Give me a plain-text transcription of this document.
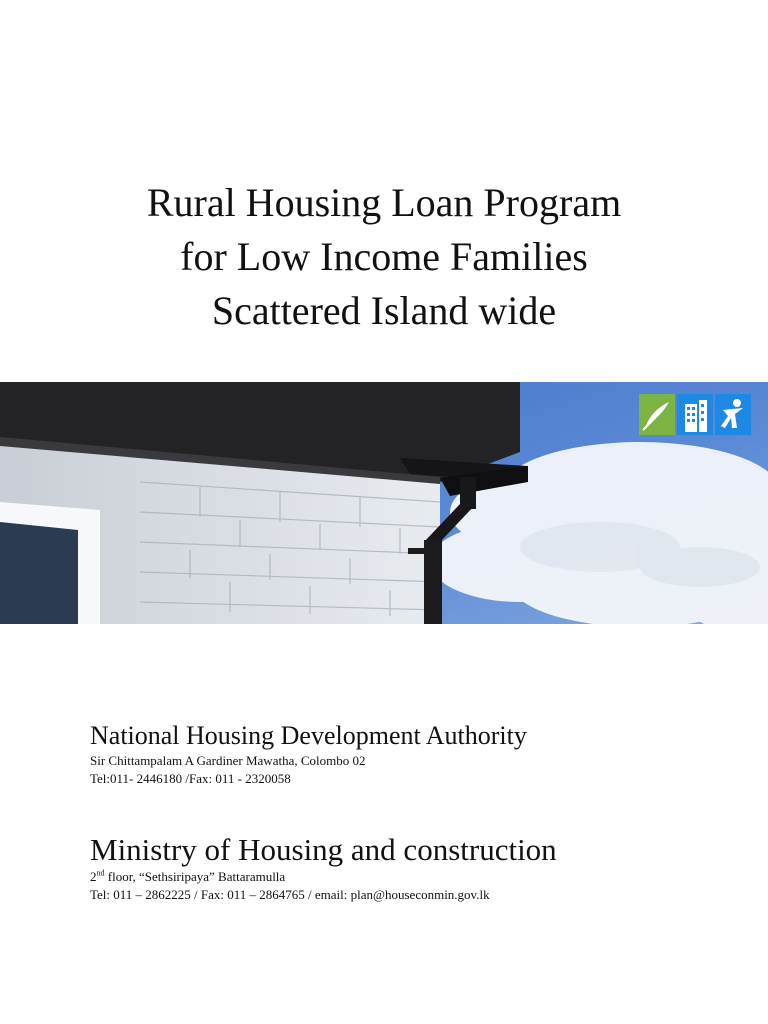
Rural Housing Loan Program
for Low Income Families
Scattered Island wide
National Housing Development Authority
Sir Chittampalam A Gardiner Mawatha, Colombo 02
Tel:011- 2446180 /Fax: 011 - 2320058
Ministry of Housing and construction
2nd floor, “Sethsiripaya” Battaramulla
Tel: 011 – 2862225 / Fax: 011 – 2864765 / email: plan@houseconmin.gov.lk
